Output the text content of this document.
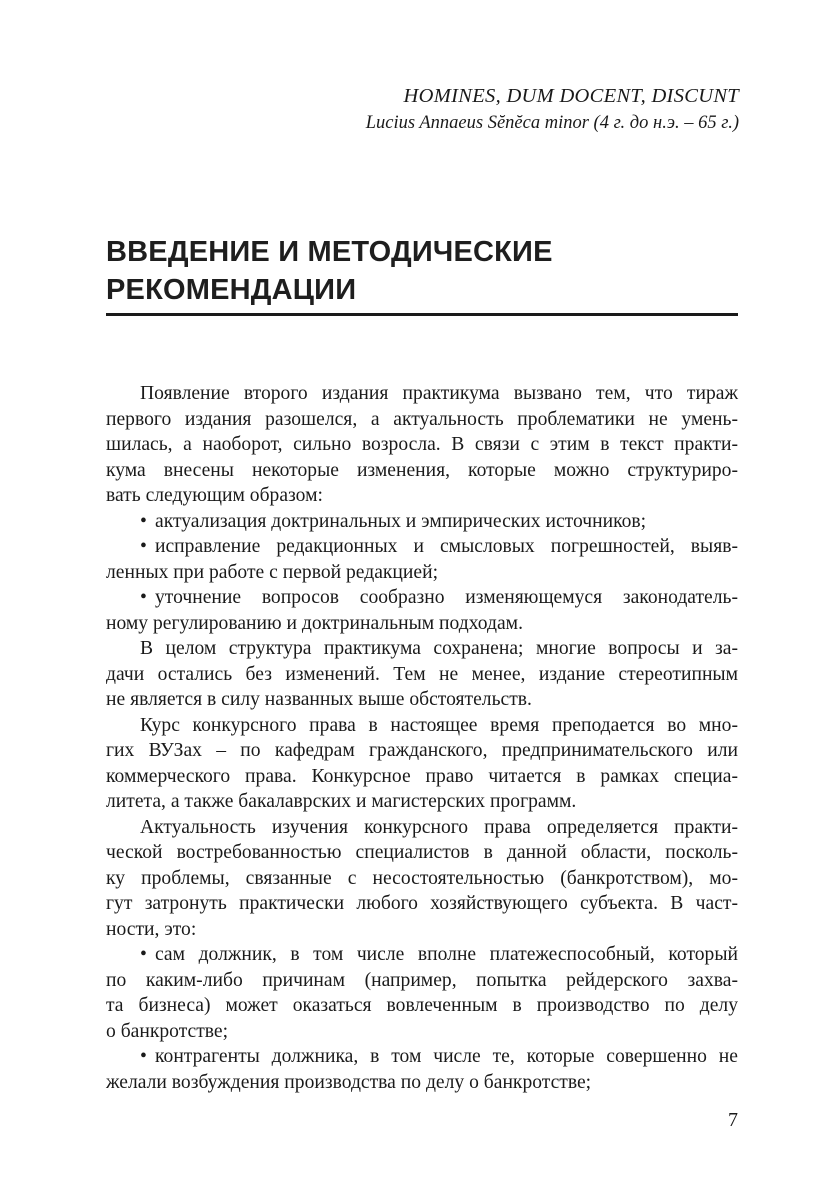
HOMINES, DUM DOCENT, DISCUNT
Lucius Annaeus Sĕnĕca minor (4 г. до н.э. – 65 г.)
ВВЕДЕНИЕ И МЕТОДИЧЕСКИЕ
РЕКОМЕНДАЦИИ
Появление второго издания практикума вызвано тем, что тираж
первого издания разошелся, а актуальность проблематики не умень-
шилась, а наоборот, сильно возросла. В связи с этим в текст практи-
кума внесены некоторые изменения, которые можно структуриро-
вать следующим образом:
• актуализация доктринальных и эмпирических источников;
• исправление редакционных и смысловых погрешностей, выяв-
ленных при работе с первой редакцией;
• уточнение вопросов сообразно изменяющемуся законодатель-
ному регулированию и доктринальным подходам.
В целом структура практикума сохранена; многие вопросы и за-
дачи остались без изменений. Тем не менее, издание стереотипным
не является в силу названных выше обстоятельств.
Курс конкурсного права в настоящее время преподается во мно-
гих ВУЗах – по кафедрам гражданского, предпринимательского или
коммерческого права. Конкурсное право читается в рамках специа-
литета, а также бакалаврских и магистерских программ.
Актуальность изучения конкурсного права определяется практи-
ческой востребованностью специалистов в данной области, посколь-
ку проблемы, связанные с несостоятельностью (банкротством), мо-
гут затронуть практически любого хозяйствующего субъекта. В част-
ности, это:
• сам должник, в том числе вполне платежеспособный, который
по каким-либо причинам (например, попытка рейдерского захва-
та бизнеса) может оказаться вовлеченным в производство по делу
о банкротстве;
• контрагенты должника, в том числе те, которые совершенно не
желали возбуждения производства по делу о банкротстве;
7
